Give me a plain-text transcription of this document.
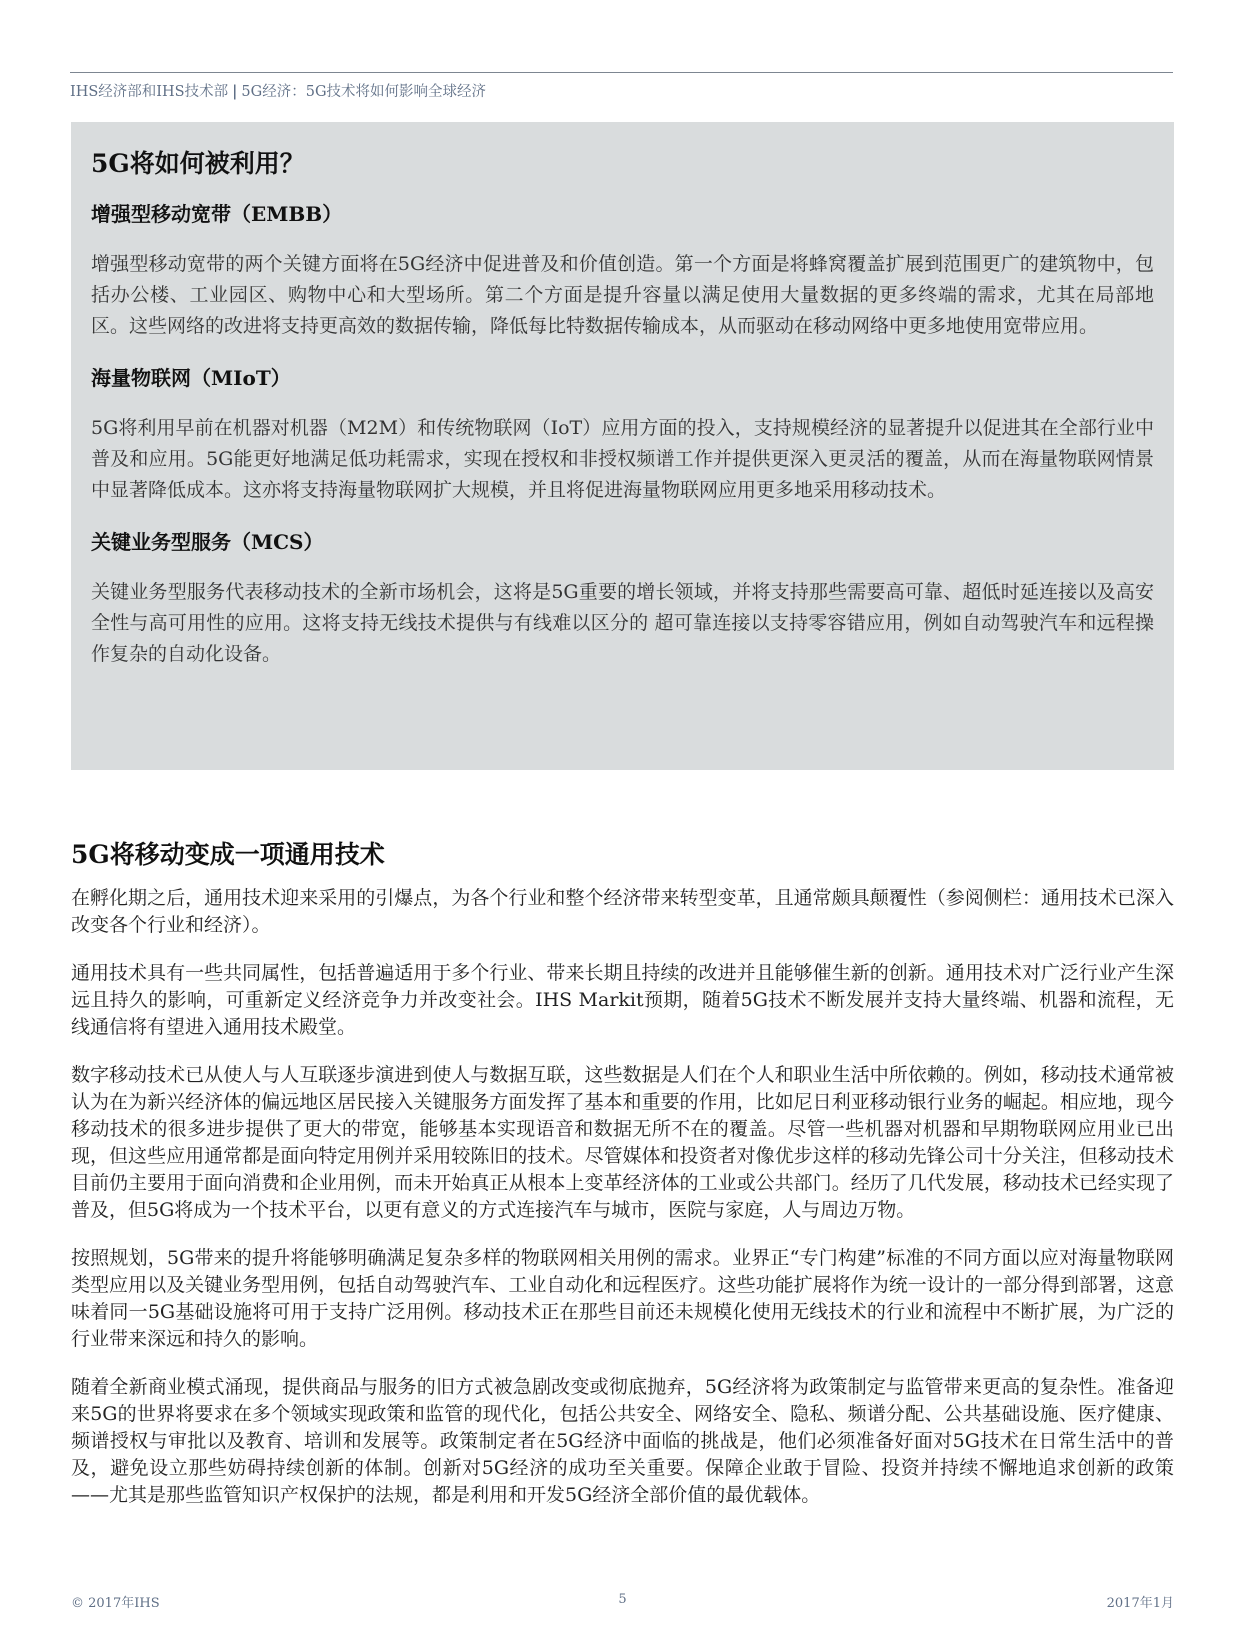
IHS经济部和IHS技术部 | 5G经济：5G技术将如何影响全球经济
5G将如何被利用？
增强型移动宽带（EMBB）

增强型移动宽带的两个关键方面将在5G经济中促进普及和价值创造。第一个方面是将蜂窝覆盖扩展到范围更广的建筑物中，包括办公楼、工业园区、购物中心和大型场所。第二个方面是提升容量以满足使用大量数据的更多终端的需求，尤其在局部地区。这些网络的改进将支持更高效的数据传输，降低每比特数据传输成本，从而驱动在移动网络中更多地使用宽带应用。

海量物联网（MIoT）

5G将利用早前在机器对机器（M2M）和传统物联网（IoT）应用方面的投入，支持规模经济的显著提升以促进其在全部行业中普及和应用。5G能更好地满足低功耗需求，实现在授权和非授权频谱工作并提供更深入更灵活的覆盖，从而在海量物联网情景中显著降低成本。这亦将支持海量物联网扩大规模，并且将促进海量物联网应用更多地采用移动技术。

关键业务型服务（MCS）

关键业务型服务代表移动技术的全新市场机会，这将是5G重要的增长领域，并将支持那些需要高可靠、超低时延连接以及高安全性与高可用性的应用。这将支持无线技术提供与有线难以区分的 超可靠连接以支持零容错应用，例如自动驾驶汽车和远程操作复杂的自动化设备。

5G将移动变成一项通用技术

在孵化期之后，通用技术迎来采用的引爆点，为各个行业和整个经济带来转型变革，且通常颇具颠覆性（参阅侧栏：通用技术已深入改变各个行业和经济）。

通用技术具有一些共同属性，包括普遍适用于多个行业、带来长期且持续的改进并且能够催生新的创新。通用技术对广泛行业产生深远且持久的影响，可重新定义经济竞争力并改变社会。IHS Markit预期，随着5G技术不断发展并支持大量终端、机器和流程，无线通信将有望进入通用技术殿堂。

数字移动技术已从使人与人互联逐步演进到使人与数据互联，这些数据是人们在个人和职业生活中所依赖的。例如，移动技术通常被认为在为新兴经济体的偏远地区居民接入关键服务方面发挥了基本和重要的作用，比如尼日利亚移动银行业务的崛起。相应地，现今移动技术的很多进步提供了更大的带宽，能够基本实现语音和数据无所不在的覆盖。尽管一些机器对机器和早期物联网应用业已出现，但这些应用通常都是面向特定用例并采用较陈旧的技术。尽管媒体和投资者对像优步这样的移动先锋公司十分关注，但移动技术目前仍主要用于面向消费和企业用例，而未开始真正从根本上变革经济体的工业或公共部门。经历了几代发展，移动技术已经实现了普及，但5G将成为一个技术平台，以更有意义的方式连接汽车与城市，医院与家庭，人与周边万物。

按照规划，5G带来的提升将能够明确满足复杂多样的物联网相关用例的需求。业界正“专门构建”标准的不同方面以应对海量物联网类型应用以及关键业务型用例，包括自动驾驶汽车、工业自动化和远程医疗。这些功能扩展将作为统一设计的一部分得到部署，这意味着同一5G基础设施将可用于支持广泛用例。移动技术正在那些目前还未规模化使用无线技术的行业和流程中不断扩展，为广泛的行业带来深远和持久的影响。

随着全新商业模式涌现，提供商品与服务的旧方式被急剧改变或彻底抛弃，5G经济将为政策制定与监管带来更高的复杂性。准备迎来5G的世界将要求在多个领域实现政策和监管的现代化，包括公共安全、网络安全、隐私、频谱分配、公共基础设施、医疗健康、频谱授权与审批以及教育、培训和发展等。政策制定者在5G经济中面临的挑战是，他们必须准备好面对5G技术在日常生活中的普及，避免设立那些妨碍持续创新的体制。创新对5G经济的成功至关重要。保障企业敢于冒险、投资并持续不懈地追求创新的政策——尤其是那些监管知识产权保护的法规，都是利用和开发5G经济全部价值的最优载体。

© 2017年IHS	5	2017年1月
